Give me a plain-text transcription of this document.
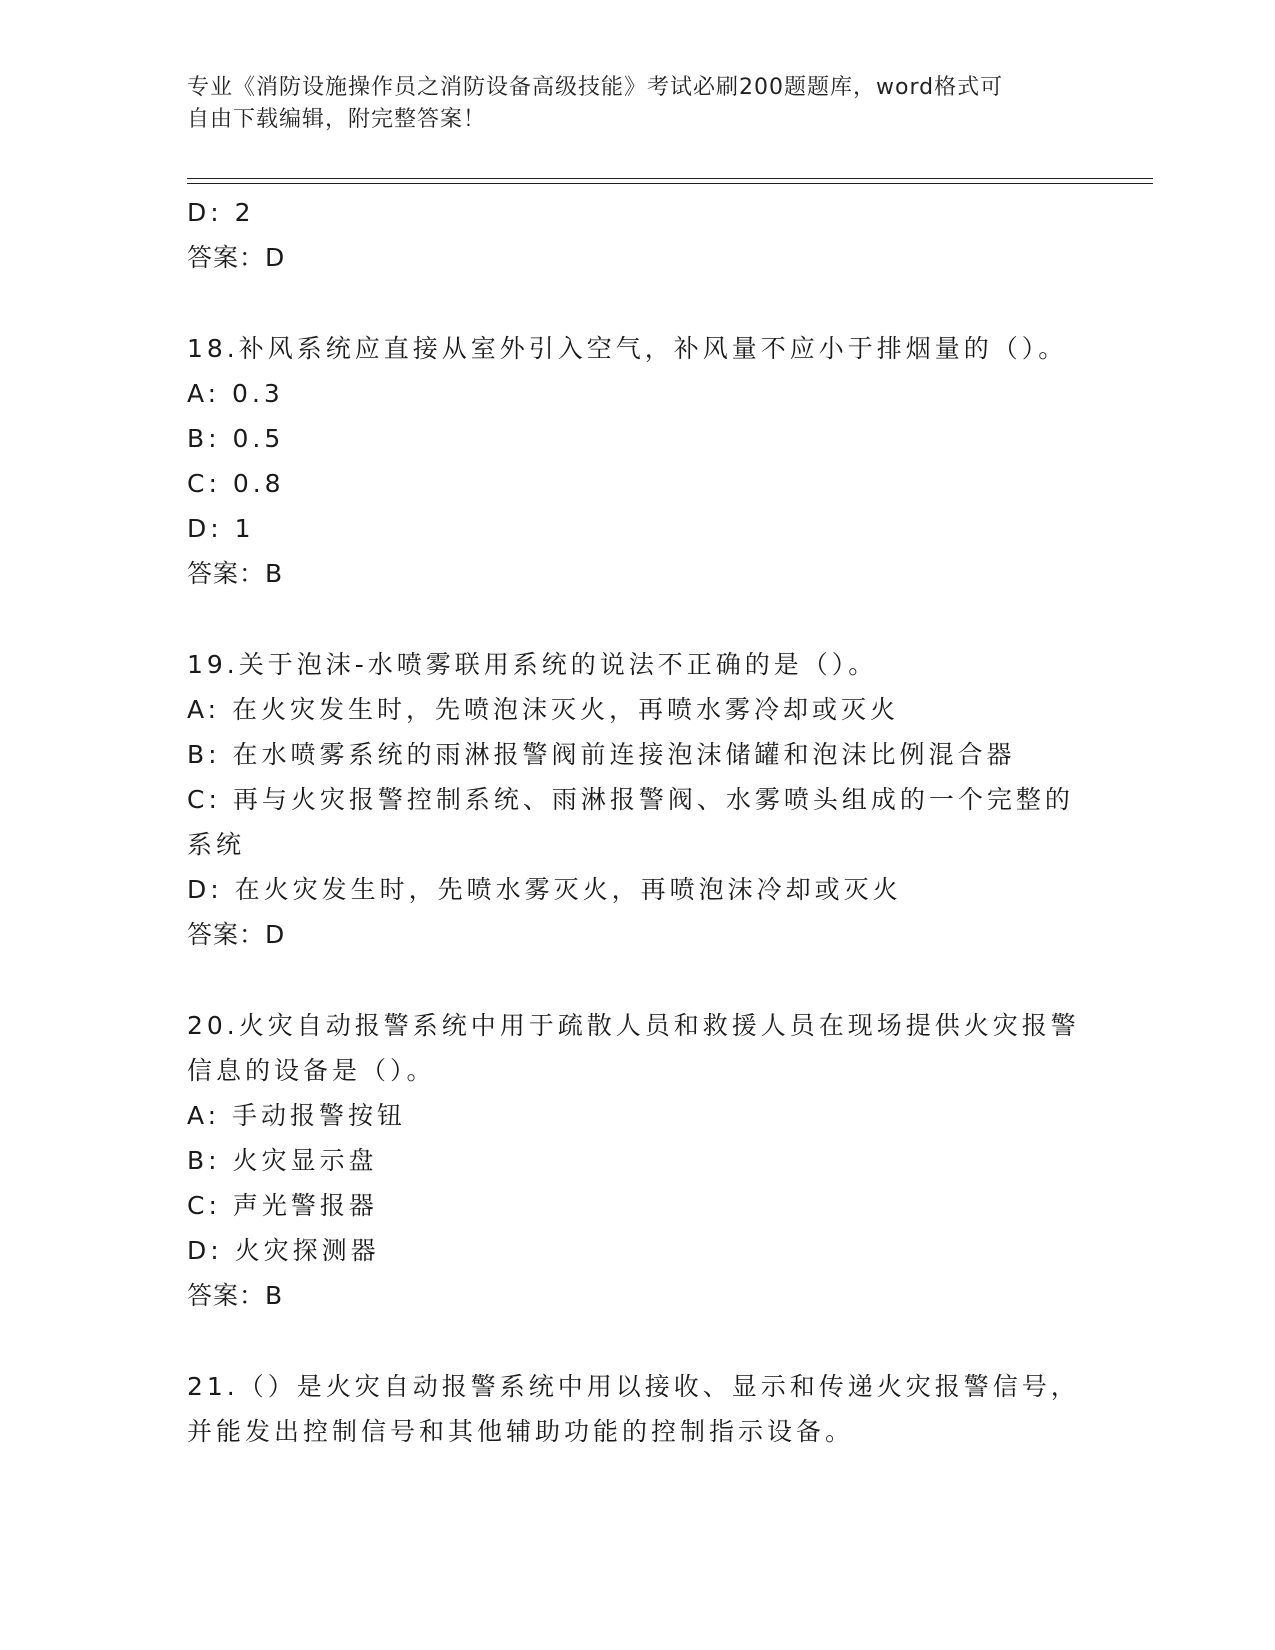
专业《消防设施操作员之消防设备高级技能》考试必刷200题题库，word格式可
自由下载编辑，附完整答案！

D: 2

答案：D

18.补风系统应直接从室外引入空气，补风量不应小于排烟量的（）。

A: 0.3

B: 0.5

C: 0.8

D: 1

答案：B

19.关于泡沫-水喷雾联用系统的说法不正确的是（）。

A: 在火灾发生时，先喷泡沫灭火，再喷水雾冷却或灭火

B: 在水喷雾系统的雨淋报警阀前连接泡沫储罐和泡沫比例混合器

C: 再与火灾报警控制系统、雨淋报警阀、水雾喷头组成的一个完整的

系统

D: 在火灾发生时，先喷水雾灭火，再喷泡沫冷却或灭火

答案：D

20.火灾自动报警系统中用于疏散人员和救援人员在现场提供火灾报警

信息的设备是（）。

A: 手动报警按钮

B: 火灾显示盘

C: 声光警报器

D: 火灾探测器

答案：B

21.（）是火灾自动报警系统中用以接收、显示和传递火灾报警信号，

并能发出控制信号和其他辅助功能的控制指示设备。
